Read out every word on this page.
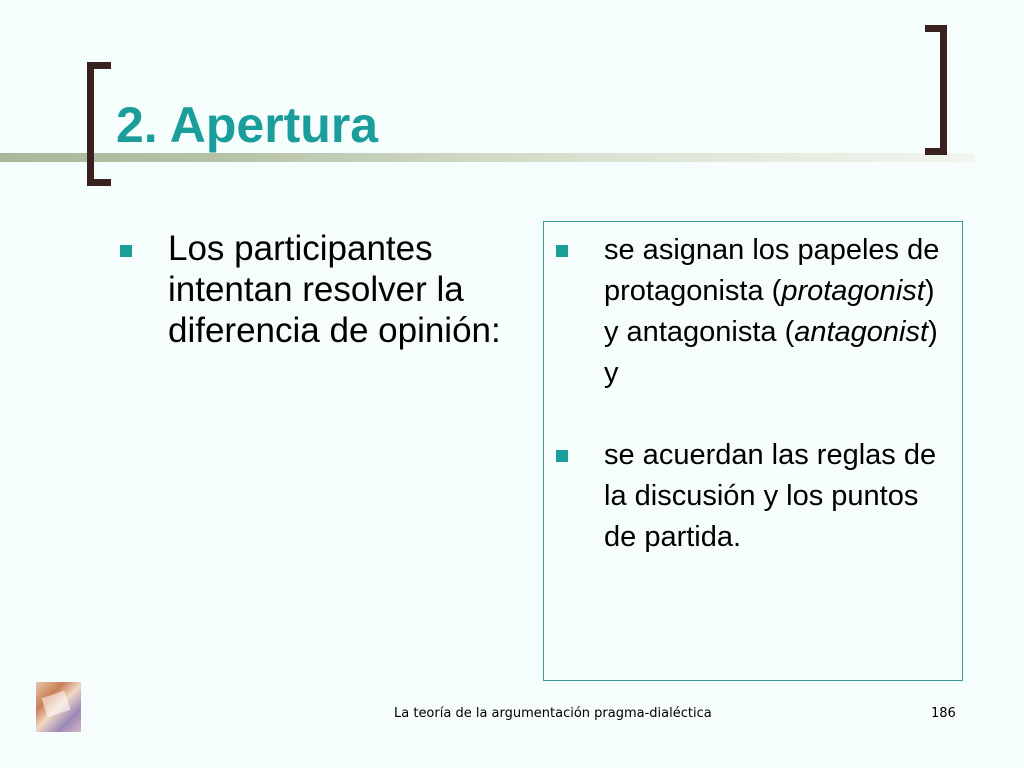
2. Apertura
Los participantes intentan resolver la diferencia de opinión:
se asignan los papeles de protagonista (protagonist) y antagonista (antagonist) y
se acuerdan las reglas de la discusión y los puntos de partida.
La teoría de la argumentación pragma-dialéctica	186
